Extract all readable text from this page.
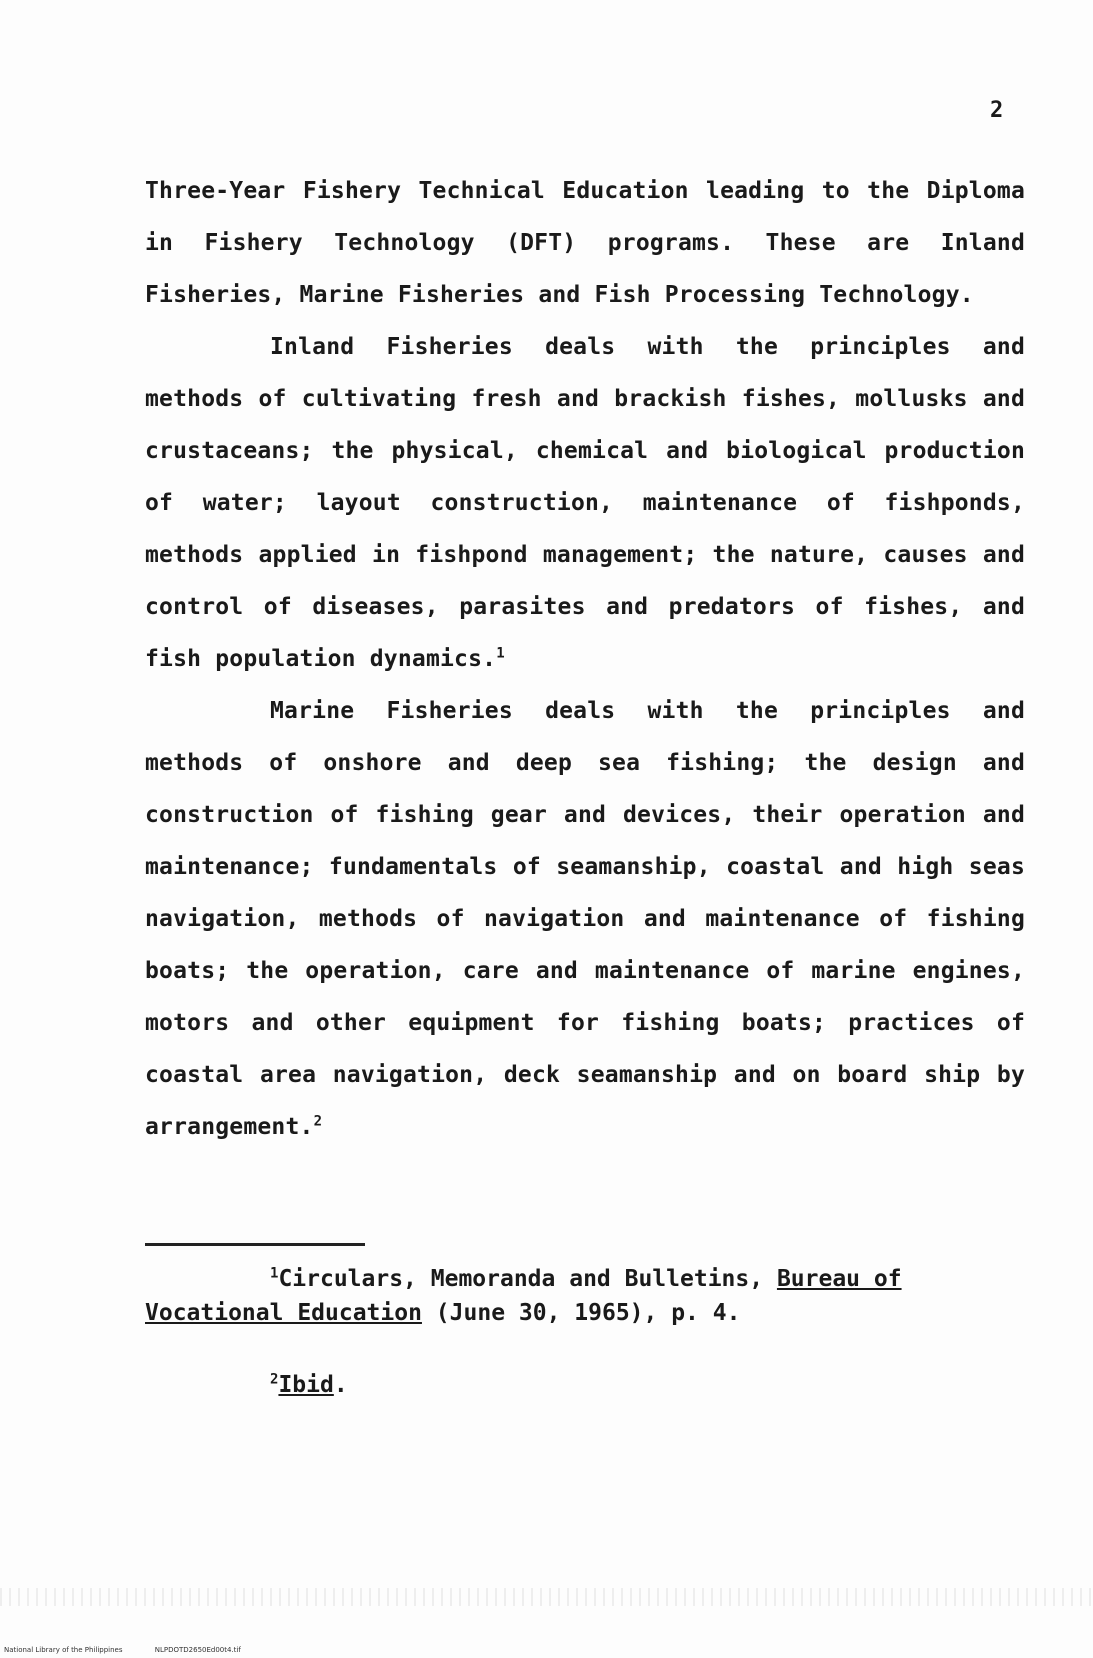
2

Three-Year Fishery Technical Education leading to the Diploma in Fishery Technology (DFT) programs. These are Inland Fisheries, Marine Fisheries and Fish Processing Technology.

Inland Fisheries deals with the principles and methods of cultivating fresh and brackish fishes, mollusks and crustaceans; the physical, chemical and biological production of water; layout construction, maintenance of fishponds, methods applied in fishpond management; the nature, causes and control of diseases, parasites and predators of fishes, and fish population dynamics.$^1$

Marine Fisheries deals with the principles and methods of onshore and deep sea fishing; the design and construction of fishing gear and devices, their operation and maintenance; fundamentals of seamanship, coastal and high seas navigation, methods of navigation and maintenance of fishing boats; the operation, care and maintenance of marine engines, motors and other equipment for fishing boats; practices of coastal area navigation, deck seamanship and on board ship by arrangement.$^2$

$^1$Circulars, Memoranda and Bulletins, Bureau of Vocational Education (June 30, 1965), p. 4.

$^2$Ibid.

National Library of the Philippines	NLPDOTD2650Ed00t4.tif
